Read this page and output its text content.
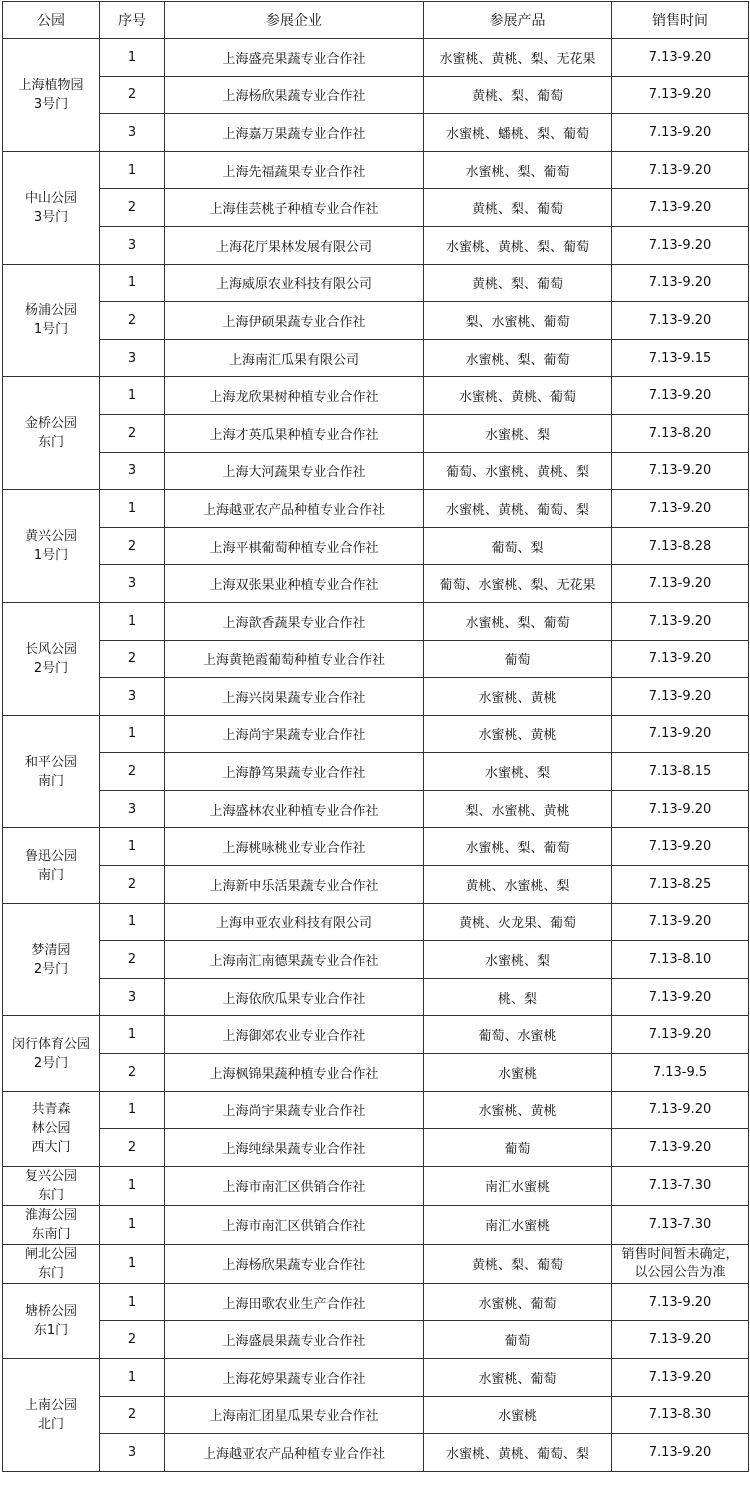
公园	序号	参展企业	参展产品	销售时间
上海植物园
3号门	1	上海盛亮果蔬专业合作社	水蜜桃、黄桃、梨、无花果	7.13-9.20
	2	上海杨欣果蔬专业合作社	黄桃、梨、葡萄	7.13-9.20
	3	上海嘉万果蔬专业合作社	水蜜桃、蟠桃、梨、葡萄	7.13-9.20
中山公园
3号门	1	上海先福蔬果专业合作社	水蜜桃、梨、葡萄	7.13-9.20
	2	上海佳芸桃子种植专业合作社	黄桃、梨、葡萄	7.13-9.20
	3	上海花厅果林发展有限公司	水蜜桃、黄桃、梨、葡萄	7.13-9.20
杨浦公园
1号门	1	上海威原农业科技有限公司	黄桃、梨、葡萄	7.13-9.20
	2	上海伊硕果蔬专业合作社	梨、水蜜桃、葡萄	7.13-9.20
	3	上海南汇瓜果有限公司	水蜜桃、梨、葡萄	7.13-9.15
金桥公园
东门	1	上海龙欣果树种植专业合作社	水蜜桃、黄桃、葡萄	7.13-9.20
	2	上海才英瓜果种植专业合作社	水蜜桃、梨	7.13-8.20
	3	上海大河蔬果专业合作社	葡萄、水蜜桃、黄桃、梨	7.13-9.20
黄兴公园
1号门	1	上海越亚农产品种植专业合作社	水蜜桃、黄桃、葡萄、梨	7.13-9.20
	2	上海平棋葡萄种植专业合作社	葡萄、梨	7.13-8.28
	3	上海双张果业种植专业合作社	葡萄、水蜜桃、梨、无花果	7.13-9.20
长风公园
2号门	1	上海歆香蔬果专业合作社	水蜜桃、梨、葡萄	7.13-9.20
	2	上海黄艳霞葡萄种植专业合作社	葡萄	7.13-9.20
	3	上海兴岗果蔬专业合作社	水蜜桃、黄桃	7.13-9.20
和平公园
南门	1	上海尚宇果蔬专业合作社	水蜜桃、黄桃	7.13-9.20
	2	上海静笃果蔬专业合作社	水蜜桃、梨	7.13-8.15
	3	上海盛林农业种植专业合作社	梨、水蜜桃、黄桃	7.13-9.20
鲁迅公园
南门	1	上海桃咏桃业专业合作社	水蜜桃、梨、葡萄	7.13-9.20
	2	上海新申乐活果蔬专业合作社	黄桃、水蜜桃、梨	7.13-8.25
梦清园
2号门	1	上海申亚农业科技有限公司	黄桃、火龙果、葡萄	7.13-9.20
	2	上海南汇南德果蔬专业合作社	水蜜桃、梨	7.13-8.10
	3	上海依欣瓜果专业合作社	桃、梨	7.13-9.20
闵行体育公园
2号门	1	上海御郊农业专业合作社	葡萄、水蜜桃	7.13-9.20
	2	上海枫锦果蔬种植专业合作社	水蜜桃	7.13-9.5
共青森
林公园
西大门	1	上海尚宇果蔬专业合作社	水蜜桃、黄桃	7.13-9.20
	2	上海纯绿果蔬专业合作社	葡萄	7.13-9.20
复兴公园
东门	1	上海市南汇区供销合作社	南汇水蜜桃	7.13-7.30
淮海公园
东南门	1	上海市南汇区供销合作社	南汇水蜜桃	7.13-7.30
闸北公园
东门	1	上海杨欣果蔬专业合作社	黄桃、梨、葡萄	销售时间暂未确定，
以公园公告为准
塘桥公园
东1门	1	上海田歌农业生产合作社	水蜜桃、葡萄	7.13-9.20
	2	上海盛晨果蔬专业合作社	葡萄	7.13-9.20
上南公园
北门	1	上海花婷果蔬专业合作社	水蜜桃、葡萄	7.13-9.20
	2	上海南汇团星瓜果专业合作社	水蜜桃	7.13-8.30
	3	上海越亚农产品种植专业合作社	水蜜桃、黄桃、葡萄、梨	7.13-9.20
